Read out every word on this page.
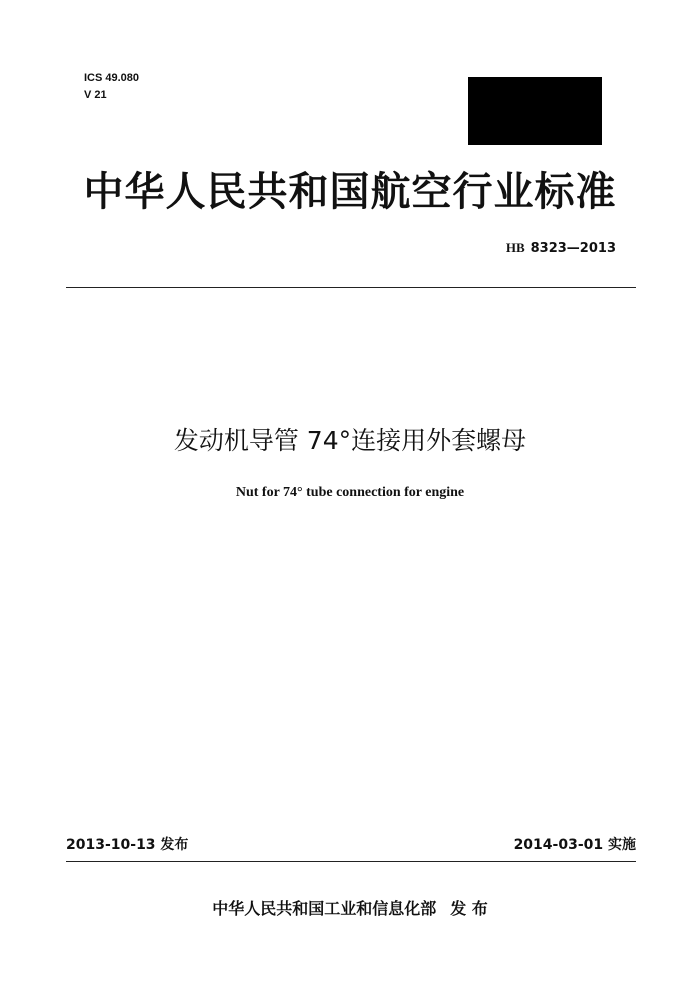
ICS 49.080
V 21
中华人民共和国航空行业标准
HB 8323—2013
发动机导管 74°连接用外套螺母
Nut for 74° tube connection for engine
2013-10-13 发布	2014-03-01 实施
中华人民共和国工业和信息化部 发 布
